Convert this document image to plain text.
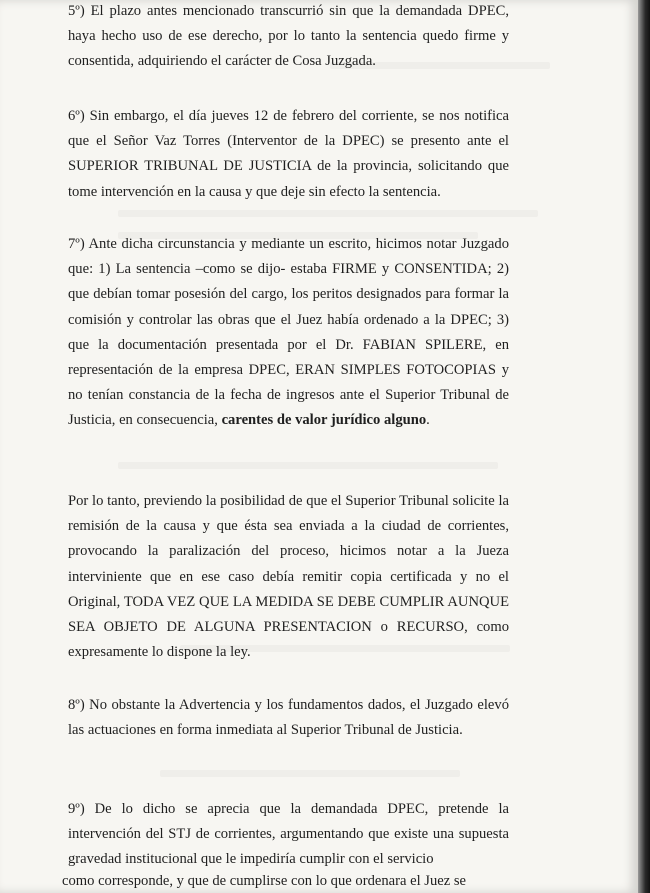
5º) El plazo antes mencionado transcurrió sin que la demandada DPEC, haya hecho uso de ese derecho, por lo tanto la sentencia quedo firme y consentida, adquiriendo el carácter de Cosa Juzgada.
6º) Sin embargo, el día jueves 12 de febrero del corriente, se nos notifica que el Señor Vaz Torres (Interventor de la DPEC) se presento ante el SUPERIOR TRIBUNAL DE JUSTICIA de la provincia, solicitando que tome intervención en la causa y que deje sin efecto la sentencia.
7º) Ante dicha circunstancia y mediante un escrito, hicimos notar Juzgado que: 1) La sentencia –como se dijo- estaba FIRME y CONSENTIDA; 2) que debían tomar posesión del cargo, los peritos designados para formar la comisión y controlar las obras que el Juez había ordenado a la DPEC; 3) que la documentación presentada por el Dr. FABIAN SPILERE, en representación de la empresa DPEC, ERAN SIMPLES FOTOCOPIAS y no tenían constancia de la fecha de ingresos ante el Superior Tribunal de Justicia, en consecuencia, carentes de valor jurídico alguno.
Por lo tanto, previendo la posibilidad de que el Superior Tribunal solicite la remisión de la causa y que ésta sea enviada a la ciudad de corrientes, provocando la paralización del proceso, hicimos notar a la Jueza interviniente que en ese caso debía remitir copia certificada y no el Original, TODA VEZ QUE LA MEDIDA SE DEBE CUMPLIR AUNQUE SEA OBJETO DE ALGUNA PRESENTACION o RECURSO, como expresamente lo dispone la ley.
8º) No obstante la Advertencia y los fundamentos dados, el Juzgado elevó las actuaciones en forma inmediata al Superior Tribunal de Justicia.
9º) De lo dicho se aprecia que la demandada DPEC, pretende la intervención del STJ de corrientes, argumentando que existe una supuesta gravedad institucional que le impediría cumplir con el servicio
como corresponde, y que de cumplirse con lo que ordenara el Juez se
